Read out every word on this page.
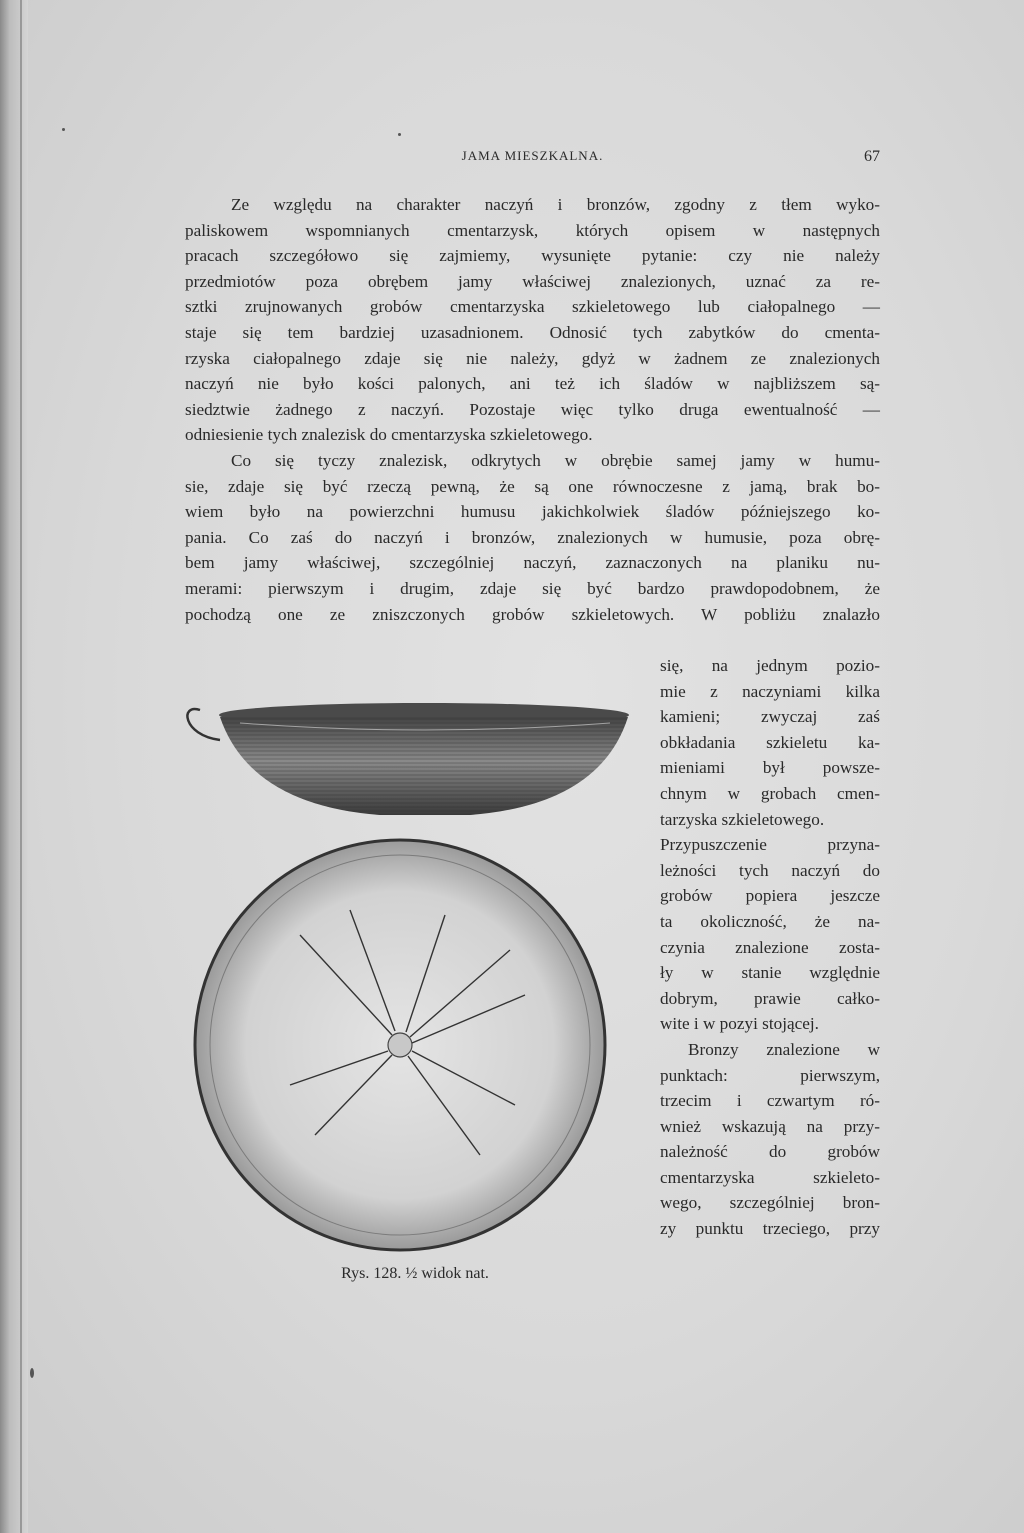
JAMA MIESZKALNA.	67
Ze względu na charakter naczyń i bronzów, zgodny z tłem wyko-
paliskowem wspomnianych cmentarzysk, których opisem w następnych
pracach szczegółowo się zajmiemy, wysunięte pytanie: czy nie należy
przedmiotów poza obrębem jamy właściwej znalezionych, uznać za re-
sztki zrujnowanych grobów cmentarzyska szkieletowego lub ciałopalnego —
staje się tem bardziej uzasadnionem. Odnosić tych zabytków do cmenta-
rzyska ciałopalnego zdaje się nie należy, gdyż w żadnem ze znalezionych
naczyń nie było kości palonych, ani też ich śladów w najbliższem są-
siedztwie żadnego z naczyń. Pozostaje więc tylko druga ewentualność —
odniesienie tych znalezisk do cmentarzyska szkieletowego.
Co się tyczy znalezisk, odkrytych w obrębie samej jamy w humu-
sie, zdaje się być rzeczą pewną, że są one równoczesne z jamą, brak bo-
wiem było na powierzchni humusu jakichkolwiek śladów późniejszego ko-
pania. Co zaś do naczyń i bronzów, znalezionych w humusie, poza obrę-
bem jamy właściwej, szczególniej naczyń, zaznaczonych na planiku nu-
merami: pierwszym i drugim, zdaje się być bardzo prawdopodobnem, że
pochodzą one ze zniszczonych grobów szkieletowych. W pobliżu znalazło
się, na jednym pozio-
mie z naczyniami kilka
kamieni; zwyczaj zaś
obkładania szkieletu ka-
mieniami był powsze-
chnym w grobach cmen-
tarzyska szkieletowego.
Przypuszczenie przyna-
leżności tych naczyń do
grobów popiera jeszcze
ta okoliczność, że na-
czynia znalezione zosta-
ły w stanie względnie
dobrym, prawie całko-
wite i w pozyi stojącej.
Bronzy znalezione w
punktach: pierwszym,
trzecim i czwartym ró-
wnież wskazują na przy-
należność do grobów
cmentarzyska szkieleto-
wego, szczególniej bron-
zy punktu trzeciego, przy
Rys. 128. ½ widok nat.
